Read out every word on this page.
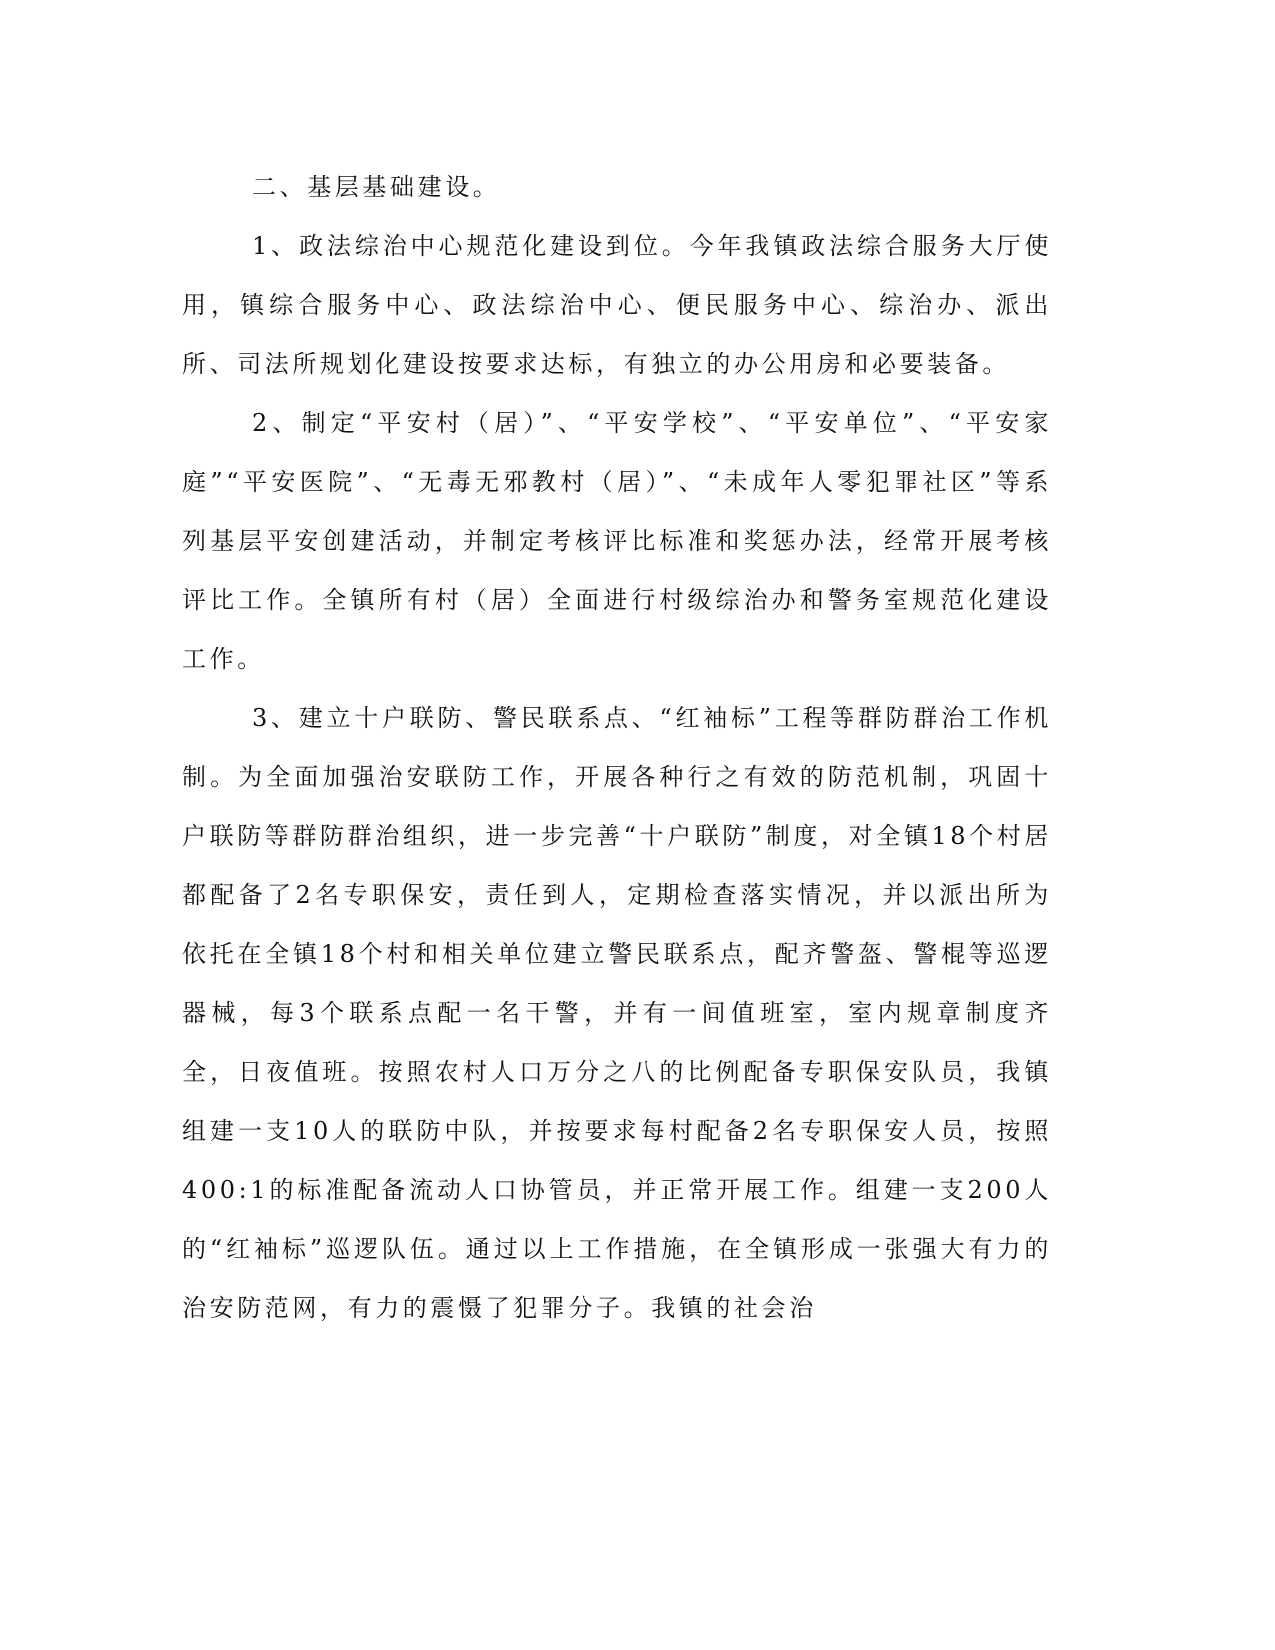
二、基层基础建设。

1、政法综治中心规范化建设到位。今年我镇政法综合服务大厅使用，镇综合服务中心、政法综治中心、便民服务中心、综治办、派出所、司法所规划化建设按要求达标，有独立的办公用房和必要装备。

2、制定“平安村（居）”、“平安学校”、“平安单位”、“平安家庭”“平安医院”、“无毒无邪教村（居）”、“未成年人零犯罪社区”等系列基层平安创建活动，并制定考核评比标准和奖惩办法，经常开展考核评比工作。全镇所有村（居）全面进行村级综治办和警务室规范化建设工作。

3、建立十户联防、警民联系点、“红袖标”工程等群防群治工作机制。为全面加强治安联防工作，开展各种行之有效的防范机制，巩固十户联防等群防群治组织，进一步完善“十户联防”制度，对全镇18个村居都配备了2名专职保安，责任到人，定期检查落实情况，并以派出所为依托在全镇18个村和相关单位建立警民联系点，配齐警盔、警棍等巡逻器械，每3个联系点配一名干警，并有一间值班室，室内规章制度齐全，日夜值班。按照农村人口万分之八的比例配备专职保安队员，我镇组建一支10人的联防中队，并按要求每村配备2名专职保安人员，按照400:1的标准配备流动人口协管员，并正常开展工作。组建一支200人的“红袖标”巡逻队伍。通过以上工作措施，在全镇形成一张强大有力的治安防范网，有力的震慑了犯罪分子。我镇的社会治
